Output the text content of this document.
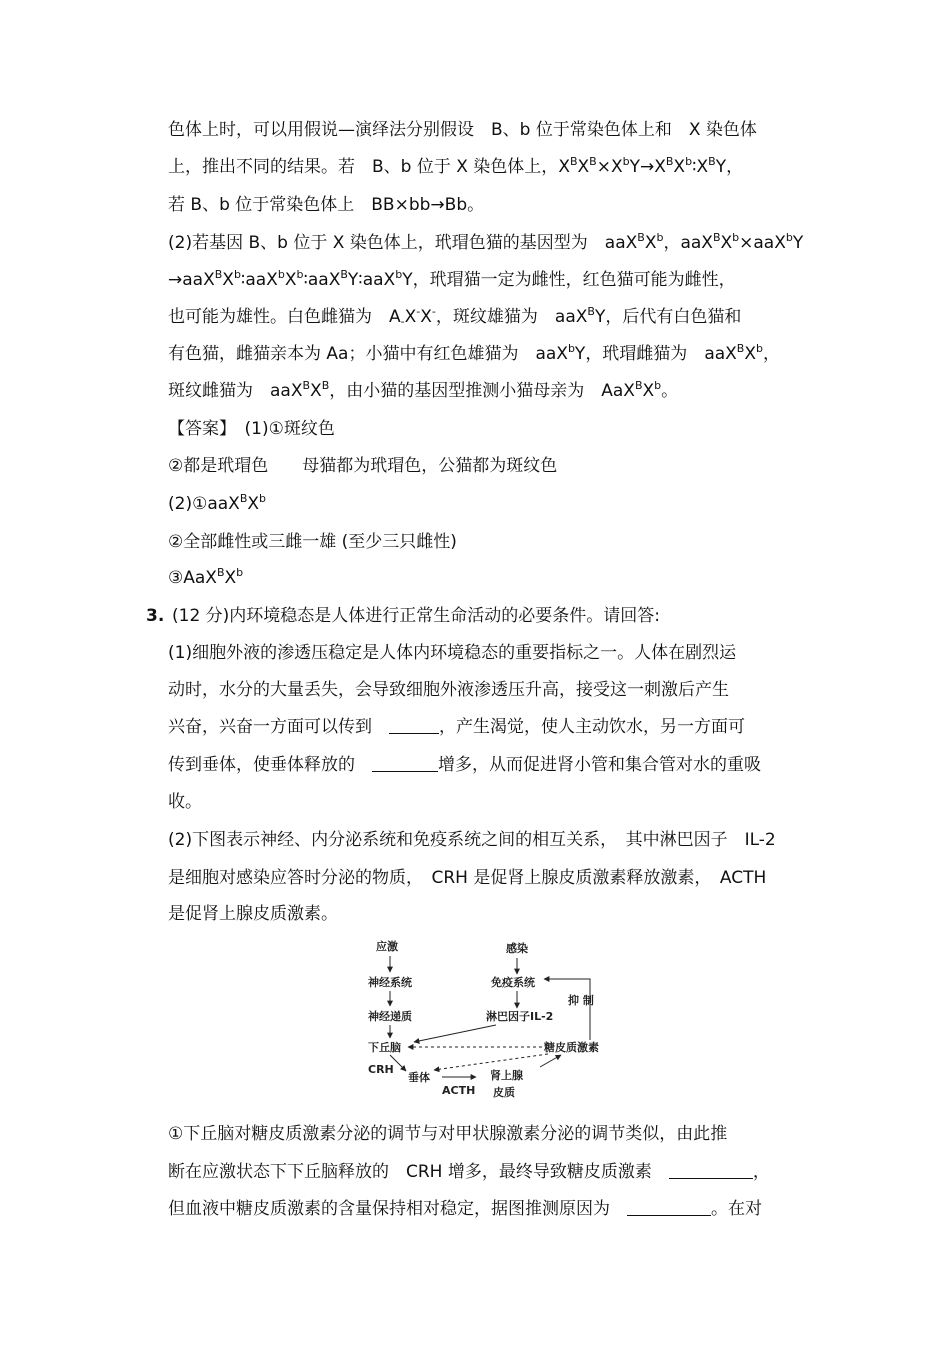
色体上时，可以用假说—演绎法分别假设　B、b 位于常染色体上和　X 染色体
上，推出不同的结果。若　B、b 位于 X 染色体上，$X^BX^B\times X^bY\to X^BX^b∶X^BY$，
若 B、b 位于常染色体上　BB×bb→Bb。
(2)若基因 B、b 位于 X 染色体上，玳瑁色猫的基因型为　$aaX^BX^b$，$aaX^BX^b\times aaX^bY$
$\to aaX^BX^b∶aaX^bX^b∶aaX^BY∶aaX^bY$，玳瑁猫一定为雌性，红色猫可能为雌性，
也可能为雄性。白色雌猫为　$A_-X^-X^-$，斑纹雄猫为　aaX$^B$Y，后代有白色猫和
有色猫，雌猫亲本为 Aa；小猫中有红色雄猫为　aaX$^b$Y，玳瑁雌猫为　$aaX^BX^b$，
斑纹雌猫为　$aaX^BX^B$，由小猫的基因型推测小猫母亲为　$AaX^BX^b$。
【答案】　(1)①斑纹色
②都是玳瑁色　　母猫都为玳瑁色，公猫都为斑纹色
$(2)①aaX^BX^b$
②全部雌性或三雌一雄 (至少三只雌性)
$③AaX^BX^b$
3. (12 分)内环境稳态是人体进行正常生命活动的必要条件。请回答:
(1)细胞外液的渗透压稳定是人体内环境稳态的重要指标之一。人体在剧烈运
动时，水分的大量丢失，会导致细胞外液渗透压升高，接受这一刺激后产生
兴奋，兴奋一方面可以传到　	，产生渴觉，使人主动饮水，另一方面可
传到垂体，使垂体释放的　	增多，从而促进肾小管和集合管对水的重吸
收。
(2)下图表示神经、内分泌系统和免疫系统之间的相互关系，　其中淋巴因子　IL-2
是细胞对感染应答时分泌的物质，　CRH 是促肾上腺皮质激素释放激素，　ACTH
是促肾上腺皮质激素。
应激	感染
神经系统	免疫系统
抑 制
神经递质	淋巴因子IL-2
下丘脑	糖皮质激素
CRH
垂体
ACTH
肾上腺
皮质
①下丘脑对糖皮质激素分泌的调节与对甲状腺激素分泌的调节类似，由此推
断在应激状态下下丘脑释放的　CRH 增多，最终导致糖皮质激素　	，
但血液中糖皮质激素的含量保持相对稳定，据图推测原因为　	。在对
